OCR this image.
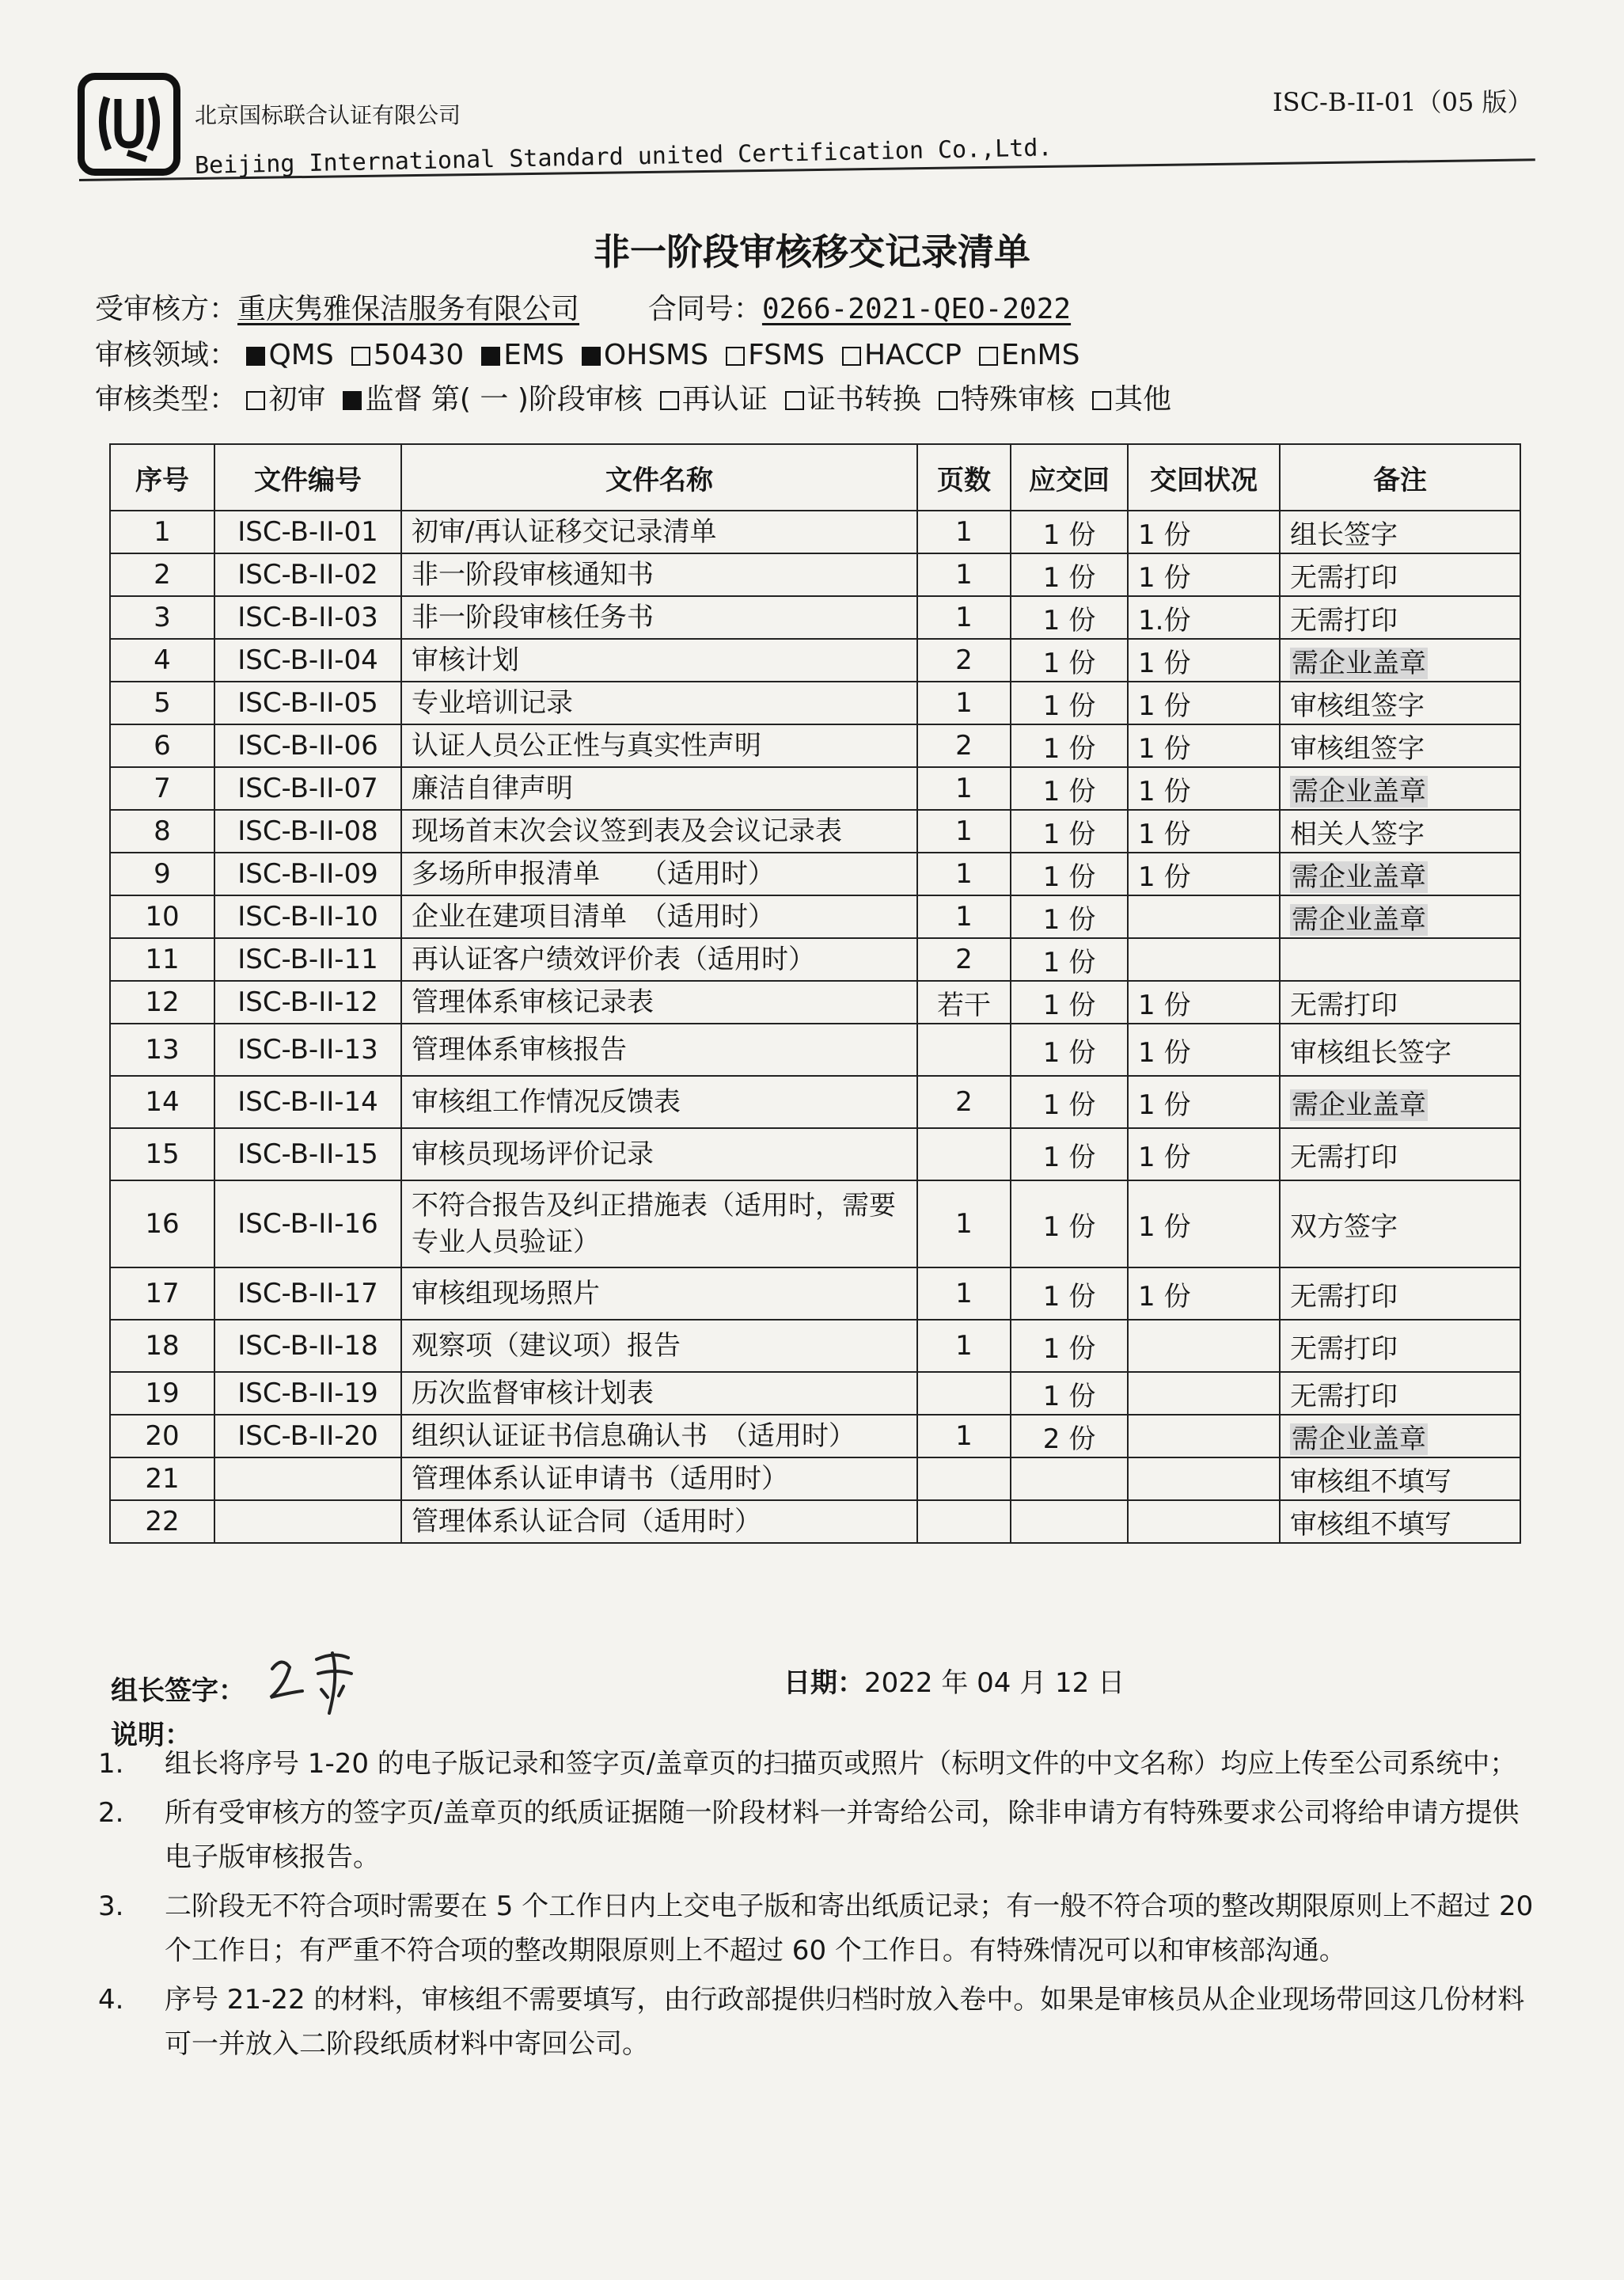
北京国标联合认证有限公司
Beijing International Standard united Certification Co.,Ltd.
ISC-B-II-01（05 版）
非一阶段审核移交记录清单
受审核方：重庆隽雅保洁服务有限公司 合同号：0266-2021-QEO-2022
审核领域： QMS 50430 EMS OHSMS FSMS HACCP EnMS
审核类型： 初审 监督 第( 一 )阶段审核 再认证 证书转换 特殊审核 其他
序号	文件编号	文件名称	页数	应交回	交回状况	备注
1	ISC-B-II-01	初审/再认证移交记录清单	1	1 份	1 份	组长签字
2	ISC-B-II-02	非一阶段审核通知书	1	1 份	1 份	无需打印
3	ISC-B-II-03	非一阶段审核任务书	1	1 份	1.份	无需打印
4	ISC-B-II-04	审核计划	2	1 份	1 份	需企业盖章
5	ISC-B-II-05	专业培训记录	1	1 份	1 份	审核组签字
6	ISC-B-II-06	认证人员公正性与真实性声明	2	1 份	1 份	审核组签字
7	ISC-B-II-07	廉洁自律声明	1	1 份	1 份	需企业盖章
8	ISC-B-II-08	现场首末次会议签到表及会议记录表	1	1 份	1 份	相关人签字
9	ISC-B-II-09	多场所申报清单　　（适用时）	1	1 份	1 份	需企业盖章
10	ISC-B-II-10	企业在建项目清单　（适用时）	1	1 份		需企业盖章
11	ISC-B-II-11	再认证客户绩效评价表（适用时）	2	1 份		
12	ISC-B-II-12	管理体系审核记录表	若干	1 份	1 份	无需打印
13	ISC-B-II-13	管理体系审核报告		1 份	1 份	审核组长签字
14	ISC-B-II-14	审核组工作情况反馈表	2	1 份	1 份	需企业盖章
15	ISC-B-II-15	审核员现场评价记录		1 份	1 份	无需打印
16	ISC-B-II-16	不符合报告及纠正措施表（适用时，需要专业人员验证）	1	1 份	1 份	双方签字
17	ISC-B-II-17	审核组现场照片	1	1 份	1 份	无需打印
18	ISC-B-II-18	观察项（建议项）报告	1	1 份		无需打印
19	ISC-B-II-19	历次监督审核计划表		1 份		无需打印
20	ISC-B-II-20	组织认证证书信息确认书　（适用时）	1	2 份		需企业盖章
21		管理体系认证申请书（适用时）				审核组不填写
22		管理体系认证合同（适用时）				审核组不填写
组长签字：	日期：2022 年 04 月 12 日
说明：
1.	组长将序号 1-20 的电子版记录和签字页/盖章页的扫描页或照片（标明文件的中文名称）均应上传至公司系统中；
2.	所有受审核方的签字页/盖章页的纸质证据随一阶段材料一并寄给公司，除非申请方有特殊要求公司将给申请方提供电子版审核报告。
3.	二阶段无不符合项时需要在 5 个工作日内上交电子版和寄出纸质记录；有一般不符合项的整改期限原则上不超过 20 个工作日；有严重不符合项的整改期限原则上不超过 60 个工作日。有特殊情况可以和审核部沟通。
4.	序号 21-22 的材料，审核组不需要填写，由行政部提供归档时放入卷中。如果是审核员从企业现场带回这几份材料可一并放入二阶段纸质材料中寄回公司。
